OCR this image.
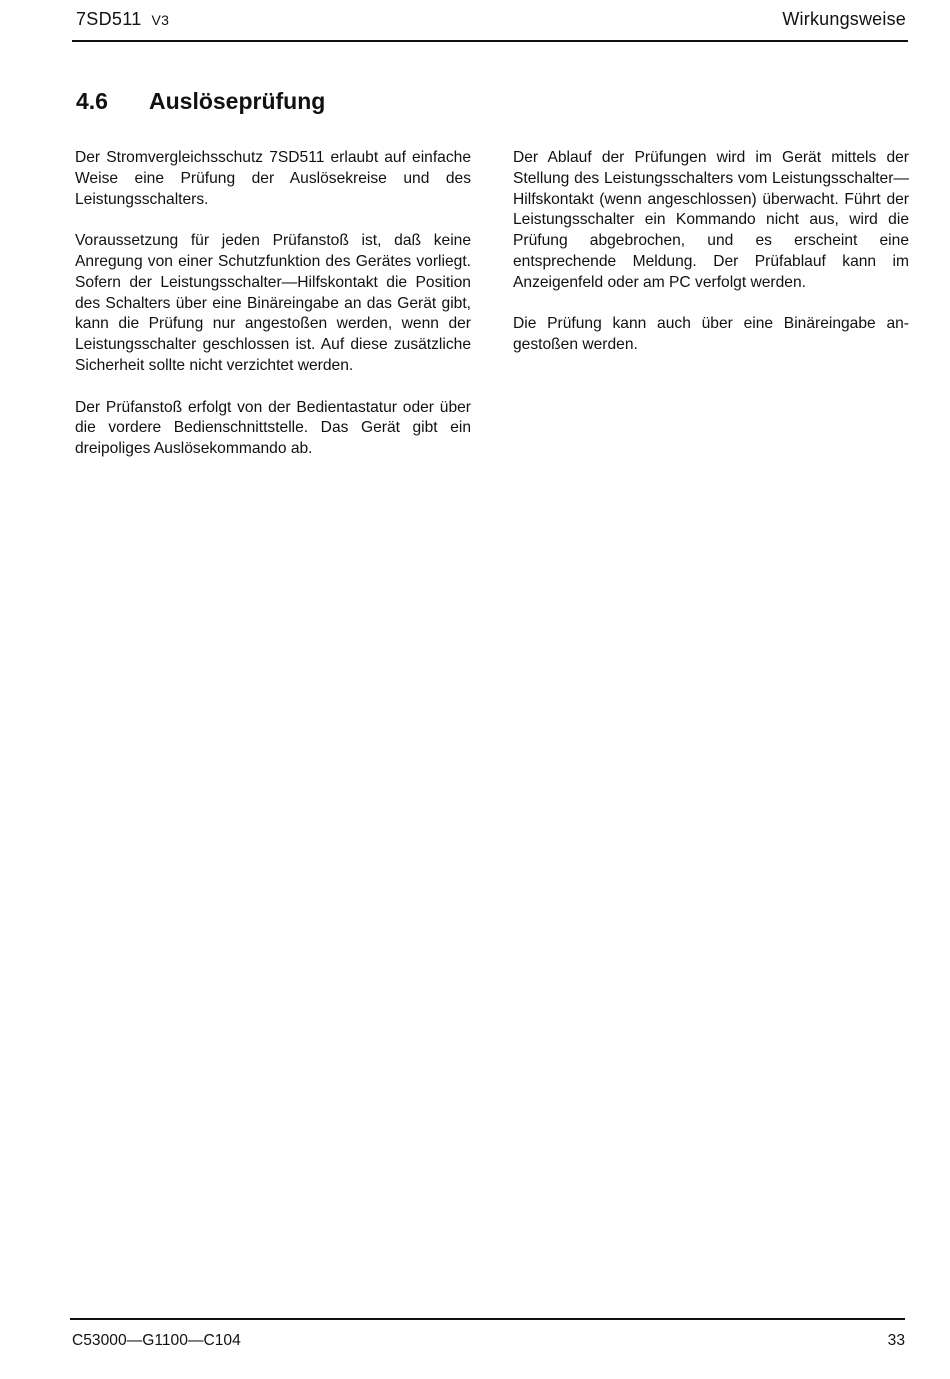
7SD511 V3	Wirkungsweise
4.6 Auslöseprüfung

Der Stromvergleichsschutz 7SD511 erlaubt auf einfache Weise eine Prüfung der Auslösekreise und des Leistungsschalters.

Voraussetzung für jeden Prüfanstoß ist, daß keine Anregung von einer Schutzfunktion des Gerätes vorliegt. Sofern der Leistungsschalter—Hilfskontakt die Position des Schalters über eine Binäreingabe an das Gerät gibt, kann die Prüfung nur angestoßen werden, wenn der Leistungsschalter geschlossen ist. Auf diese zusätzliche Sicherheit sollte nicht verzichtet werden.

Der Prüfanstoß erfolgt von der Bedientastatur oder über die vordere Bedienschnittstelle. Das Gerät gibt ein dreipoliges Auslösekommando ab.

Der Ablauf der Prüfungen wird im Gerät mittels der Stellung des Leistungsschalters vom Leistungsschalter—Hilfskontakt (wenn angeschlossen) überwacht. Führt der Leistungsschalter ein Kommando nicht aus, wird die Prüfung abgebrochen, und es erscheint eine entsprechende Meldung. Der Prüfablauf kann im Anzeigenfeld oder am PC verfolgt werden.

Die Prüfung kann auch über eine Binäreingabe angestoßen werden.

C53000—G1100—C104	33
